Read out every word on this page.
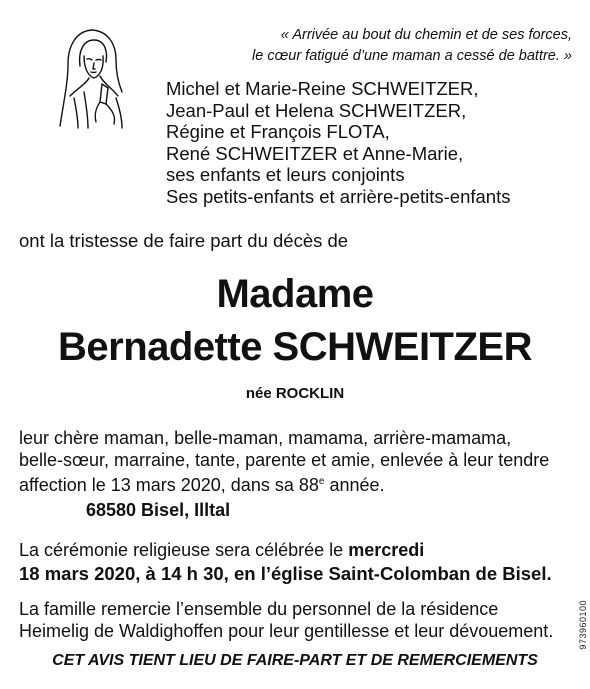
« Arrivée au bout du chemin et de ses forces,
le cœur fatigué d’une maman a cessé de battre. »
Michel et Marie-Reine SCHWEITZER,
Jean-Paul et Helena SCHWEITZER,
Régine et François FLOTA,
René SCHWEITZER et Anne-Marie,
ses enfants et leurs conjoints
Ses petits-enfants et arrière-petits-enfants
ont la tristesse de faire part du décès de
Madame
Bernadette SCHWEITZER
née ROCKLIN
leur chère maman, belle-maman, mamama, arrière-mamama,
belle-sœur, marraine, tante, parente et amie, enlevée à leur tendre
affection le 13 mars 2020, dans sa 88e année.
68580 Bisel, Illtal
La cérémonie religieuse sera célébrée le mercredi
18 mars 2020, à 14 h 30, en l’église Saint-Colomban de Bisel.
La famille remercie l’ensemble du personnel de la résidence
Heimelig de Waldighoffen pour leur gentillesse et leur dévouement.
CET AVIS TIENT LIEU DE FAIRE-PART ET DE REMERCIEMENTS
973960100
